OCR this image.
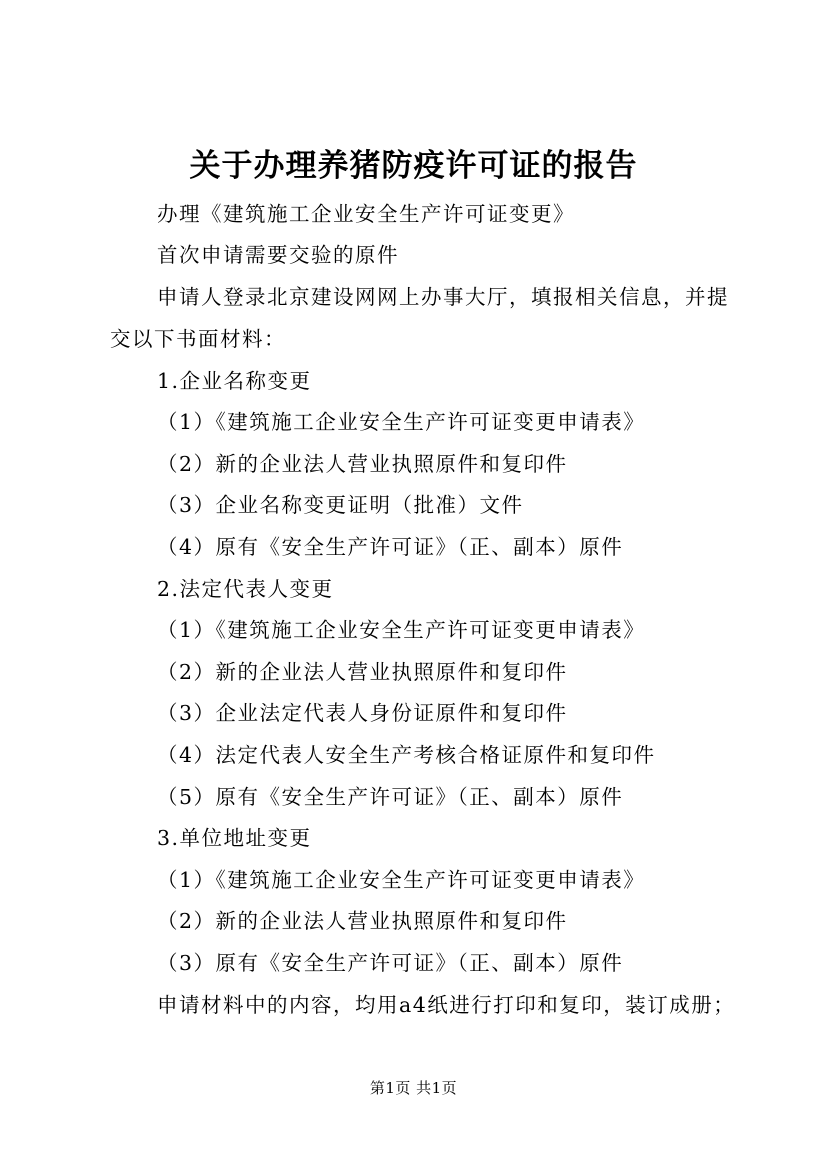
关于办理养猪防疫许可证的报告
办理《建筑施工企业安全生产许可证变更》
首次申请需要交验的原件
申请人登录北京建设网网上办事大厅，填报相关信息，并提
交以下书面材料：
1.企业名称变更
（1）《建筑施工企业安全生产许可证变更申请表》
（2）新的企业法人营业执照原件和复印件
（3）企业名称变更证明（批准）文件
（4）原有《安全生产许可证》（正、副本）原件
2.法定代表人变更
（1）《建筑施工企业安全生产许可证变更申请表》
（2）新的企业法人营业执照原件和复印件
（3）企业法定代表人身份证原件和复印件
（4）法定代表人安全生产考核合格证原件和复印件
（5）原有《安全生产许可证》（正、副本）原件
3.单位地址变更
（1）《建筑施工企业安全生产许可证变更申请表》
（2）新的企业法人营业执照原件和复印件
（3）原有《安全生产许可证》（正、副本）原件
申请材料中的内容，均用a4纸进行打印和复印，装订成册；
第1页 共1页
